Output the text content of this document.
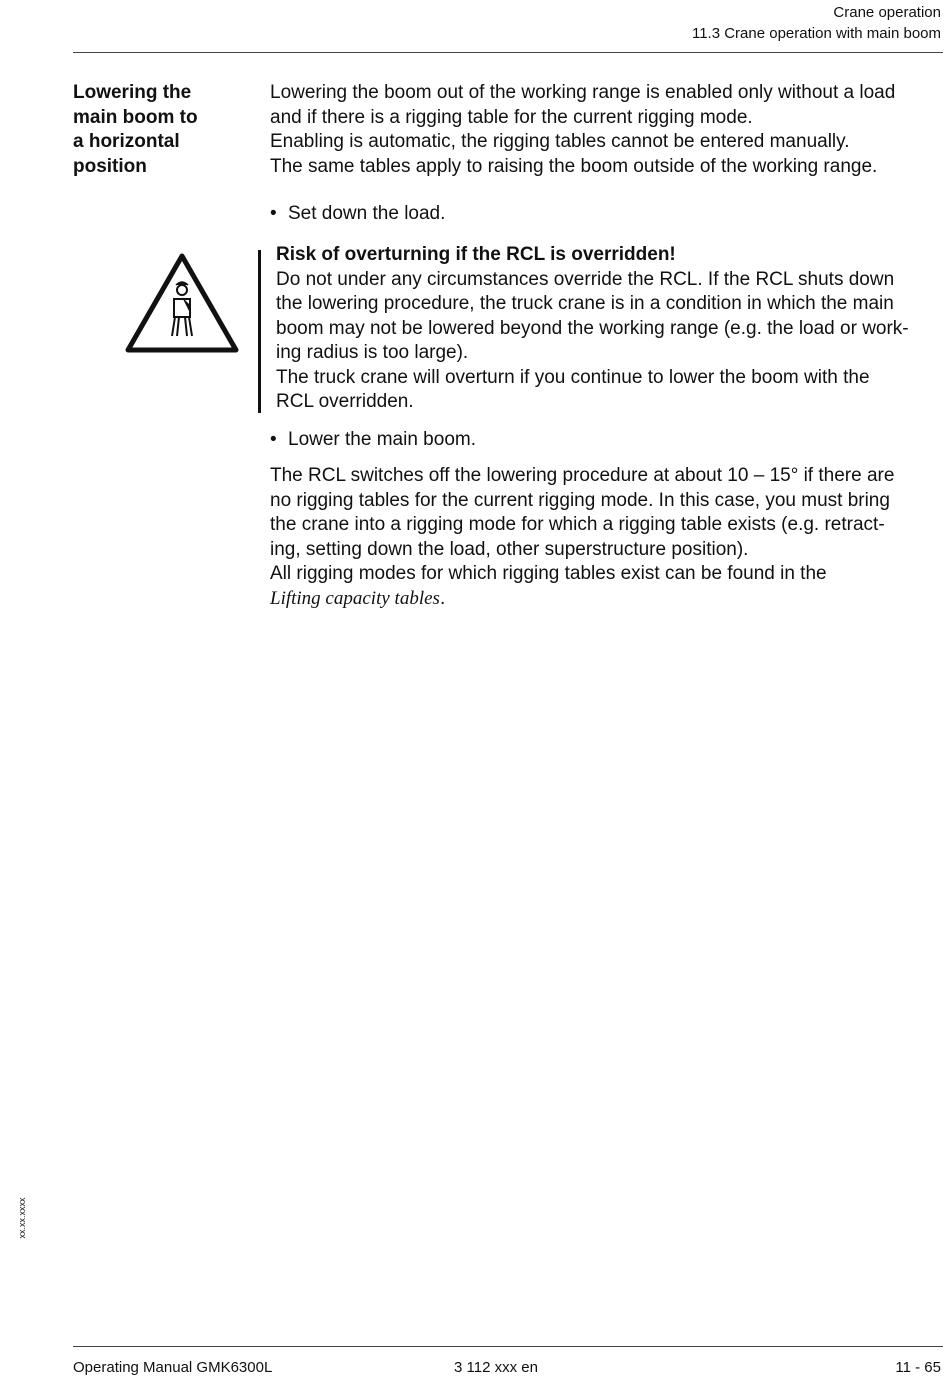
Crane operation
11.3 Crane operation with main boom
Lowering the
main boom to
a horizontal
position

Lowering the boom out of the working range is enabled only without a load

and if there is a rigging table for the current rigging mode.

Enabling is automatic, the rigging tables cannot be entered manually.

The same tables apply to raising the boom outside of the working range.

• Set down the load.

Risk of overturning if the RCL is overridden!

Do not under any circumstances override the RCL. If the RCL shuts down

the lowering procedure, the truck crane is in a condition in which the main

boom may not be lowered beyond the working range (e.g. the load or work-

ing radius is too large).

The truck crane will overturn if you continue to lower the boom with the

RCL overridden.

• Lower the main boom.

The RCL switches off the lowering procedure at about 10 – 15° if there are

no rigging tables for the current rigging mode. In this case, you must bring

the crane into a rigging mode for which a rigging table exists (e.g. retract-

ing, setting down the load, other superstructure position).

All rigging modes for which rigging tables exist can be found in the

Lifting capacity tables.

xx.xx.xxxx
Operating Manual GMK6300L	3 112 xxx en	11 - 65
